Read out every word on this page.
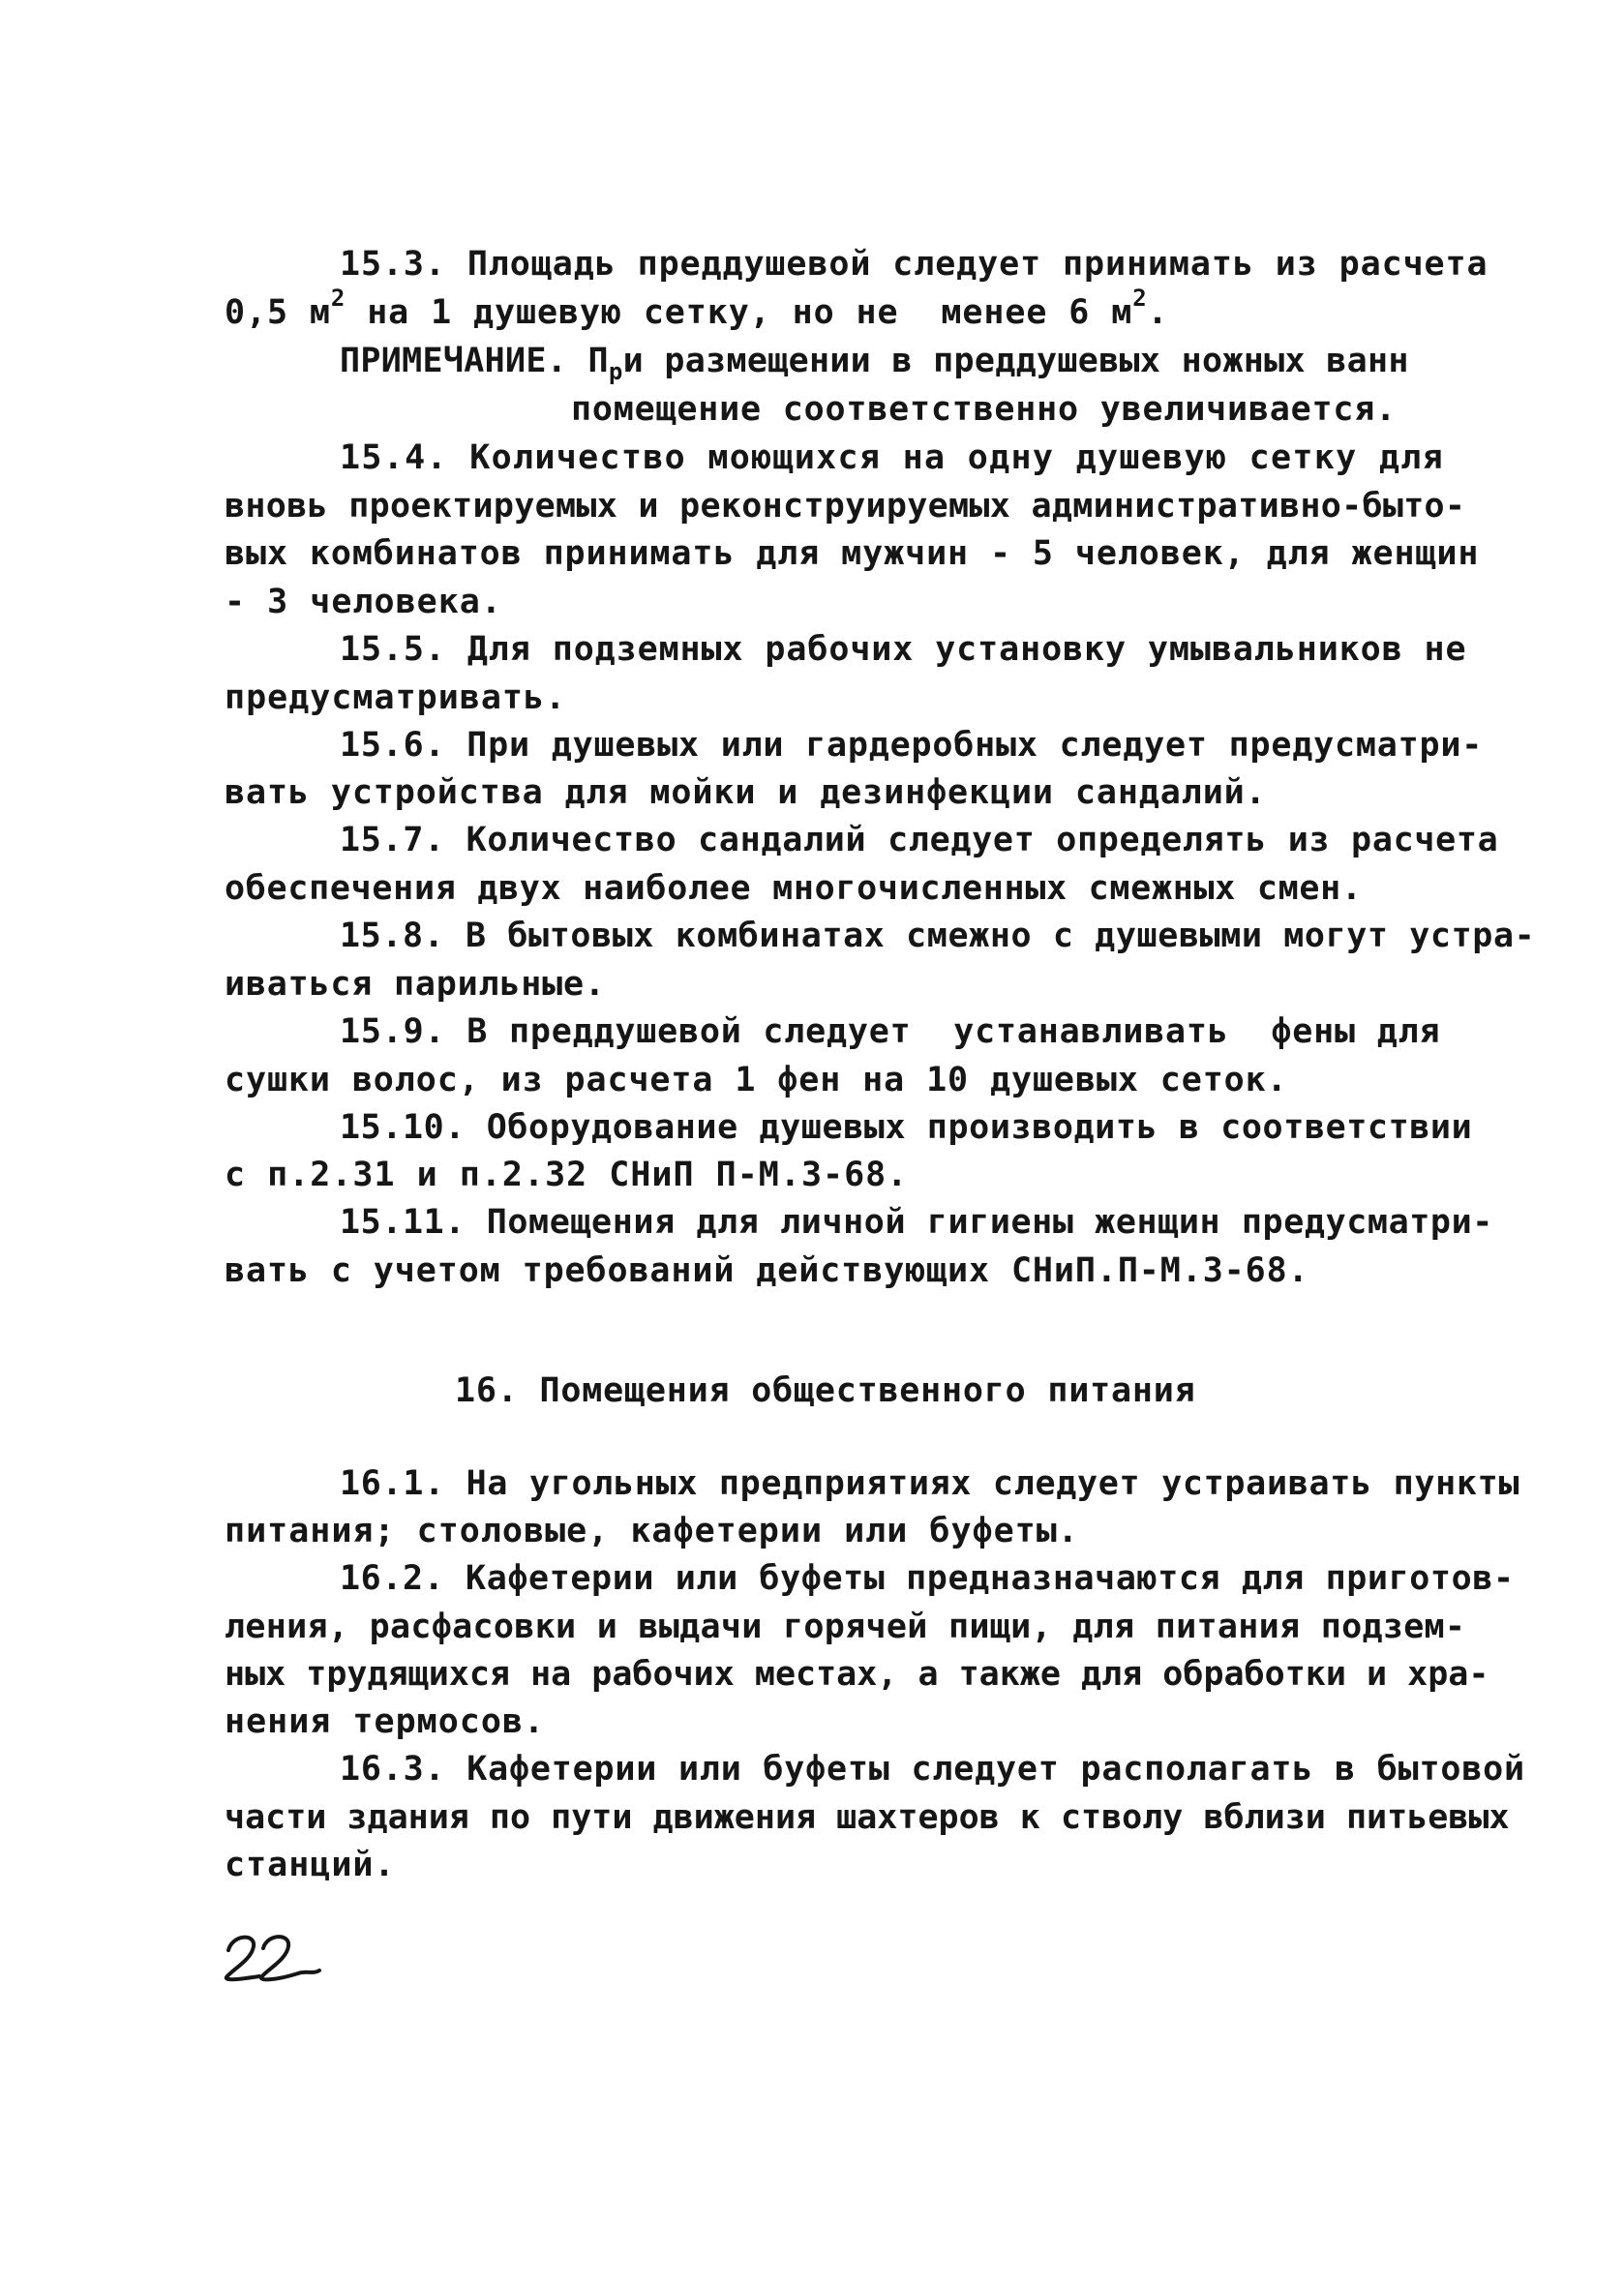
15.3. Площадь преддушевой следует принимать из расчета
0,5 $м^2$ на 1 душевую сетку, но не  менее 6 $м^2$.
ПРИМЕЧАНИЕ. $П_ри$ размещении в преддушевых ножных ванн
помещение соответственно увеличивается.
15.4. Количество моющихся на одну душевую сетку для
вновь проектируемых и реконструируемых административно-быто-
вых комбинатов принимать для мужчин - 5 человек, для женщин
- 3 человека.
15.5. Для подземных рабочих установку умывальников не
предусматривать.
15.6. При душевых или гардеробных следует предусматри-
вать устройства для мойки и дезинфекции сандалий.
15.7. Количество сандалий следует определять из расчета
обеспечения двух наиболее многочисленных смежных смен.
15.8. В бытовых комбинатах смежно с душевыми могут устра-
иваться парильные.
15.9. В преддушевой следует  устанавливать  фены для
сушки волос, из расчета 1 фен на 10 душевых сеток.
15.10. Оборудование душевых производить в соответствии
с п.2.31 и п.2.32 СНиП П-М.3-68.
15.11. Помещения для личной гигиены женщин предусматри-
вать с учетом требований действующих СНиП.П-М.3-68.
16. Помещения общественного питания
16.1. На угольных предприятиях следует устраивать пункты
питания; столовые, кафетерии или буфеты.
16.2. Кафетерии или буфеты предназначаются для приготов-
ления, расфасовки и выдачи горячей пищи, для питания подзем-
ных трудящихся на рабочих местах, а также для обработки и хра-
нения термосов.
16.3. Кафетерии или буфеты следует располагать в бытовой
части здания по пути движения шахтеров к стволу вблизи питьевых
станций.
